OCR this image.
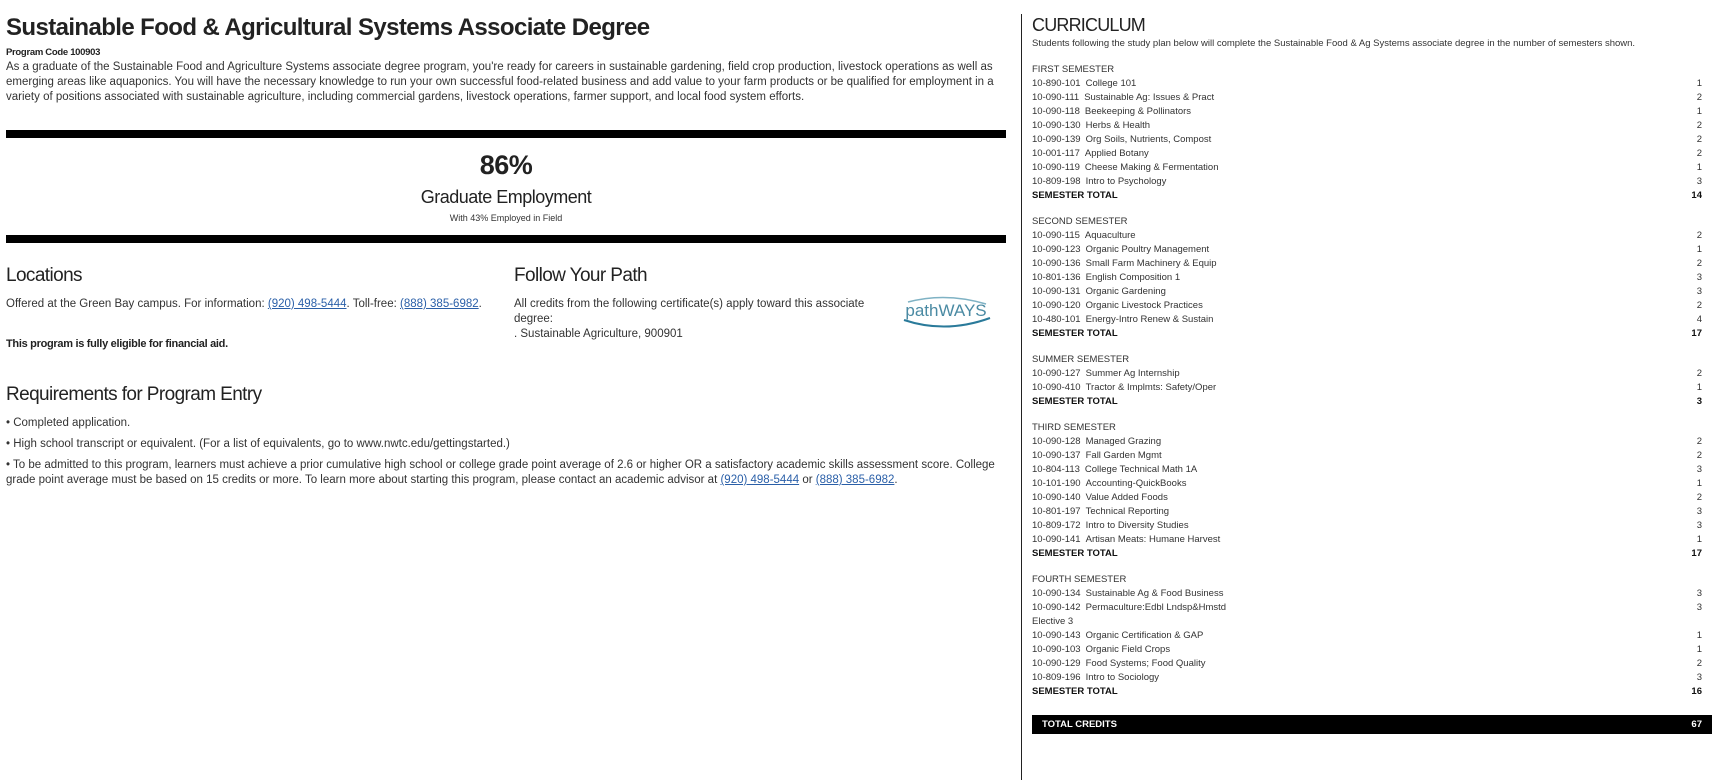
Sustainable Food & Agricultural Systems Associate Degree
Program Code 100903
As a graduate of the Sustainable Food and Agriculture Systems associate degree program, you're ready for careers in sustainable gardening, field crop production, livestock operations as well as emerging areas like aquaponics. You will have the necessary knowledge to run your own successful food-related business and add value to your farm products or be qualified for employment in a variety of positions associated with sustainable agriculture, including commercial gardens, livestock operations, farmer support, and local food system efforts.
86%
Graduate Employment
With 43% Employed in Field
Locations
Offered at the Green Bay campus. For information: (920) 498-5444. Toll-free: (888) 385-6982.
This program is fully eligible for financial aid.
Follow Your Path
All credits from the following certificate(s) apply toward this associate degree:
. Sustainable Agriculture, 900901
pathWAYS
Requirements for Program Entry
• Completed application.
• High school transcript or equivalent. (For a list of equivalents, go to www.nwtc.edu/gettingstarted.)
• To be admitted to this program, learners must achieve a prior cumulative high school or college grade point average of 2.6 or higher OR a satisfactory academic skills assessment score. College grade point average must be based on 15 credits or more. To learn more about starting this program, please contact an academic advisor at (920) 498-5444 or (888) 385-6982.
CURRICULUM
Students following the study plan below will complete the Sustainable Food & Ag Systems associate degree in the number of semesters shown.
FIRST SEMESTER
10-890-101 College 101	1
10-090-111 Sustainable Ag: Issues & Pract	2
10-090-118 Beekeeping & Pollinators	1
10-090-130 Herbs & Health	2
10-090-139 Org Soils, Nutrients, Compost	2
10-001-117 Applied Botany	2
10-090-119 Cheese Making & Fermentation	1
10-809-198 Intro to Psychology	3
SEMESTER TOTAL	14
SECOND SEMESTER
10-090-115 Aquaculture	2
10-090-123 Organic Poultry Management	1
10-090-136 Small Farm Machinery & Equip	2
10-801-136 English Composition 1	3
10-090-131 Organic Gardening	3
10-090-120 Organic Livestock Practices	2
10-480-101 Energy-Intro Renew & Sustain	4
SEMESTER TOTAL	17
SUMMER SEMESTER
10-090-127 Summer Ag Internship	2
10-090-410 Tractor & Implmts: Safety/Oper	1
SEMESTER TOTAL	3
THIRD SEMESTER
10-090-128 Managed Grazing	2
10-090-137 Fall Garden Mgmt	2
10-804-113 College Technical Math 1A	3
10-101-190 Accounting-QuickBooks	1
10-090-140 Value Added Foods	2
10-801-197 Technical Reporting	3
10-809-172 Intro to Diversity Studies	3
10-090-141 Artisan Meats: Humane Harvest	1
SEMESTER TOTAL	17
FOURTH SEMESTER
10-090-134 Sustainable Ag & Food Business	3
10-090-142 Permaculture:Edbl Lndsp&Hmstd	3
Elective 3
10-090-143 Organic Certification & GAP	1
10-090-103 Organic Field Crops	1
10-090-129 Food Systems; Food Quality	2
10-809-196 Intro to Sociology	3
SEMESTER TOTAL	16
TOTAL CREDITS	67
